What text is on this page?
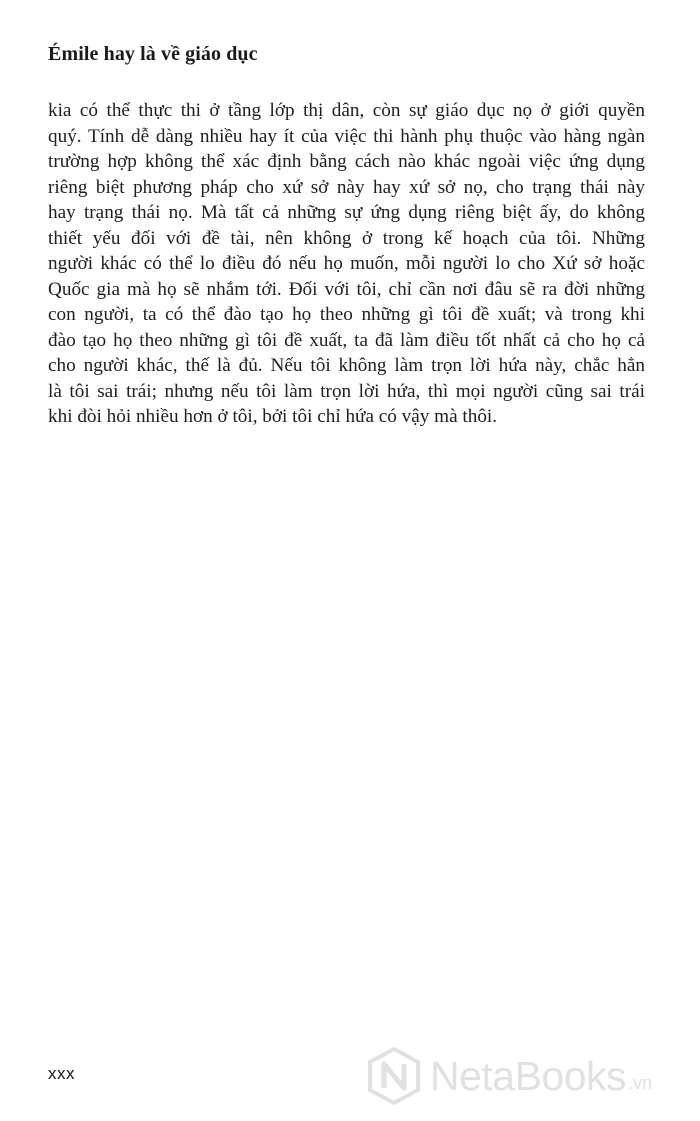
Émile hay là về giáo dục
kia có thể thực thi ở tầng lớp thị dân, còn sự giáo dục nọ ở giới quyền
quý. Tính dễ dàng nhiều hay ít của việc thi hành phụ thuộc vào hàng ngàn
trường hợp không thể xác định bằng cách nào khác ngoài việc ứng dụng
riêng biệt phương pháp cho xứ sở này hay xứ sở nọ, cho trạng thái này
hay trạng thái nọ. Mà tất cả những sự ứng dụng riêng biệt ấy, do không
thiết yếu đối với đề tài, nên không ở trong kế hoạch của tôi. Những
người khác có thể lo điều đó nếu họ muốn, mỗi người lo cho Xứ sở hoặc
Quốc gia mà họ sẽ nhắm tới. Đối với tôi, chỉ cần nơi đâu sẽ ra đời những
con người, ta có thể đào tạo họ theo những gì tôi đề xuất; và trong khi
đào tạo họ theo những gì tôi đề xuất, ta đã làm điều tốt nhất cả cho họ cả
cho người khác, thế là đủ. Nếu tôi không làm trọn lời hứa này, chắc hẳn
là tôi sai trái; nhưng nếu tôi làm trọn lời hứa, thì mọi người cũng sai trái
khi đòi hỏi nhiều hơn ở tôi, bởi tôi chỉ hứa có vậy mà thôi.
xxx	NetaBooks .vn
